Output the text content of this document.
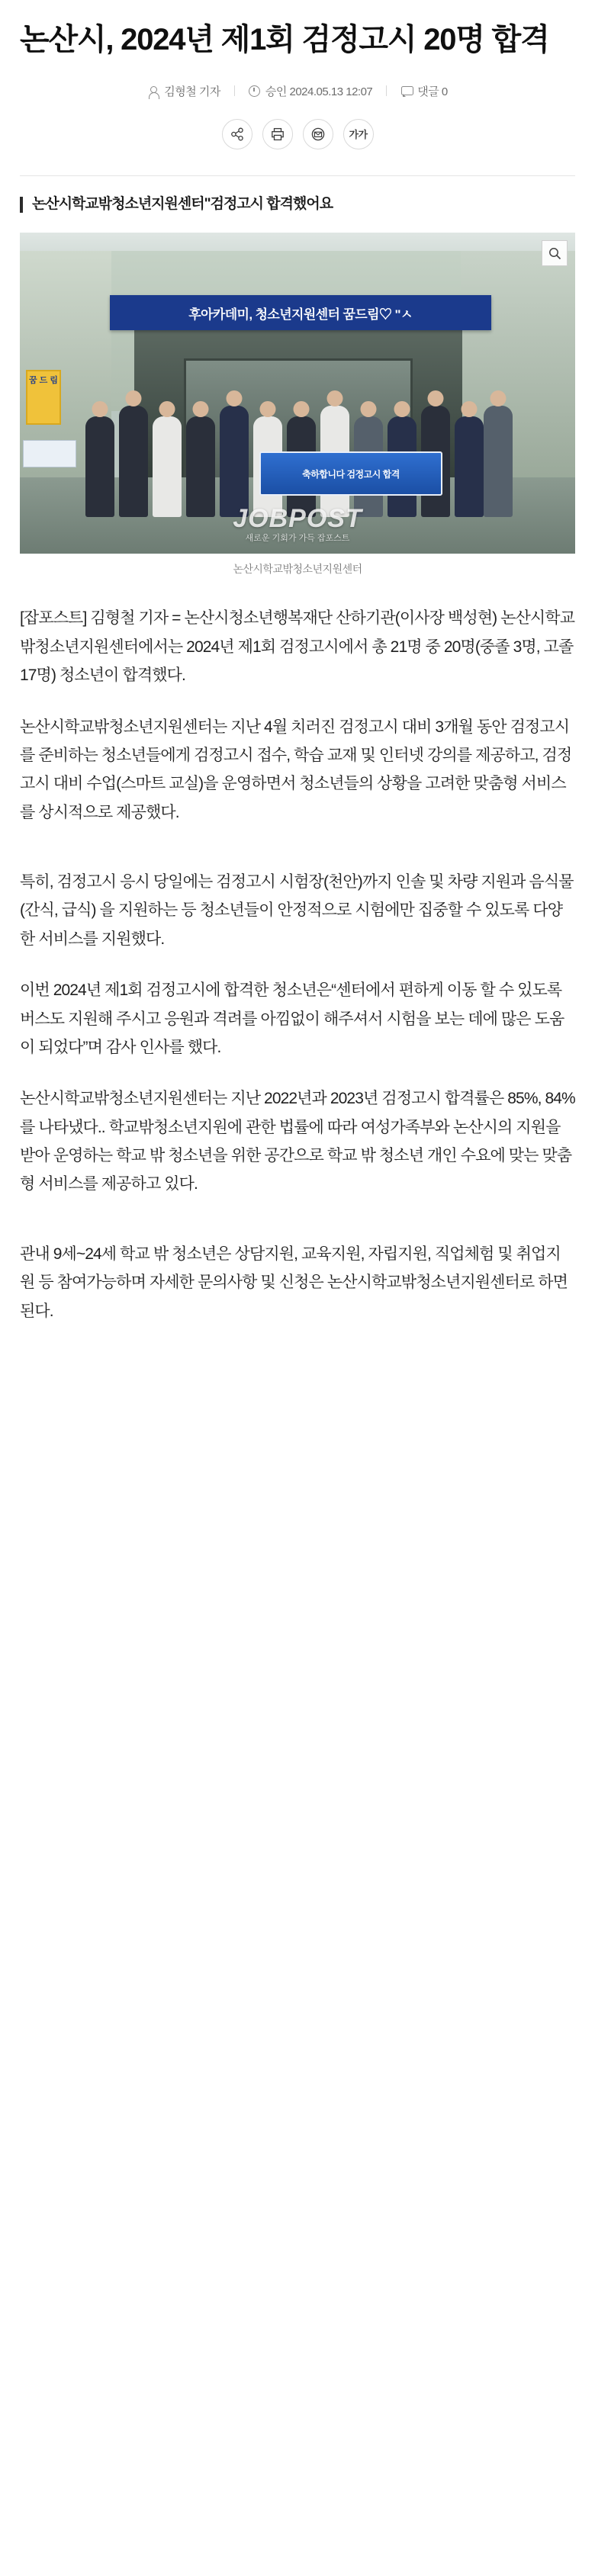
논산시, 2024년 제1회 검정고시 20명 합격
김형철 기자	승인 2024.05.13 12:07	댓글 0
가가
논산시학교밖청소년지원센터"검정고시 합격했어요
후아카데미, 청소년지원센터 꿈드림♡ "ㅅ
꿈 드 림
축하합니다 검정고시 합격
JOBPOST
새로운 기회가 가득 잡포스트
논산시학교밖청소년지원센터

[잡포스트] 김형철 기자 = 논산시청소년행복재단 산하기관(이사장 백성현) 논산시학교밖청소년지원센터에서는 2024년 제1회 검정고시에서 총 21명 중 20명(중졸 3명, 고졸 17명) 청소년이 합격했다.

논산시학교밖청소년지원센터는 지난 4월 치러진 검정고시 대비 3개월 동안 검정고시를 준비하는 청소년들에게 검정고시 접수, 학습 교재 및 인터넷 강의를 제공하고, 검정고시 대비 수업(스마트 교실)을 운영하면서 청소년들의 상황을 고려한 맞춤형 서비스를 상시적으로 제공했다.

특히, 검정고시 응시 당일에는 검정고시 시험장(천안)까지 인솔 및 차량 지원과 음식물(간식, 급식) 을 지원하는 등 청소년들이 안정적으로 시험에만 집중할 수 있도록 다양한 서비스를 지원했다.

이번 2024년 제1회 검정고시에 합격한 청소년은“센터에서 편하게 이동 할 수 있도록 버스도 지원해 주시고 응원과 격려를 아낌없이 해주셔서 시험을 보는 데에 많은 도움이 되었다”며 감사 인사를 했다.

논산시학교밖청소년지원센터는 지난 2022년과 2023년 검정고시 합격률은 85%, 84%를 나타냈다.. 학교밖청소년지원에 관한 법률에 따라 여성가족부와 논산시의 지원을 받아 운영하는 학교 밖 청소년을 위한 공간으로 학교 밖 청소년 개인 수요에 맞는 맞춤형 서비스를 제공하고 있다.

관내 9세~24세 학교 밖 청소년은 상담지원, 교육지원, 자립지원, 직업체험 및 취업지원 등 참여가능하며 자세한 문의사항 및 신청은 논산시학교밖청소년지원센터로 하면 된다.
